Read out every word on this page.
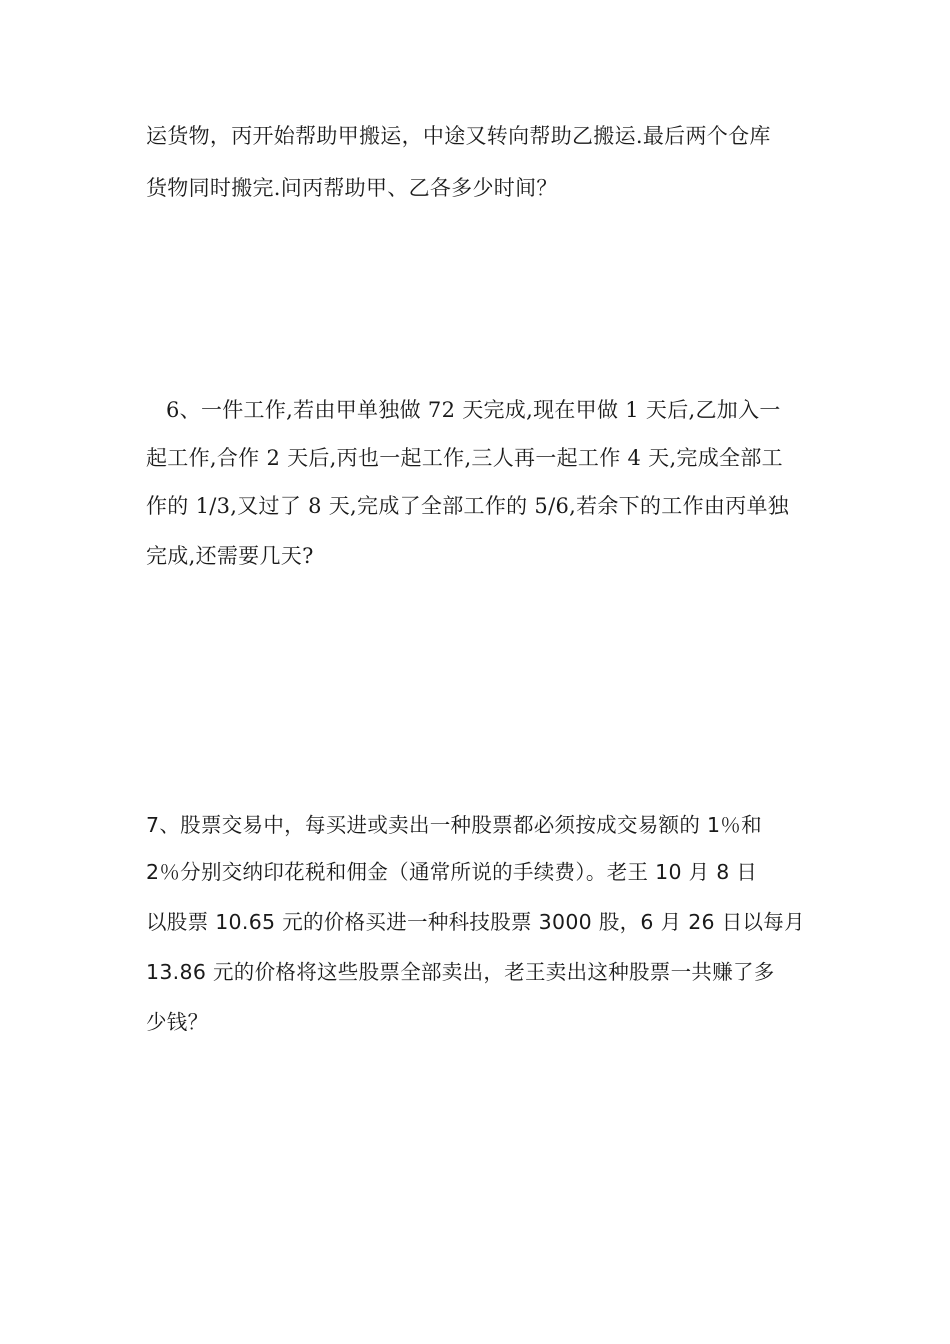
运货物，丙开始帮助甲搬运，中途又转向帮助乙搬运.最后两个仓库
货物同时搬完.问丙帮助甲、乙各多少时间？
6、一件工作,若由甲单独做 72 天完成,现在甲做 1 天后,乙加入一
起工作,合作 2 天后,丙也一起工作,三人再一起工作 4 天,完成全部工
作的 1/3,又过了 8 天,完成了全部工作的 5/6,若余下的工作由丙单独
完成,还需要几天?
7、股票交易中，每买进或卖出一种股票都必须按成交易额的 1％和
2％分别交纳印花税和佣金（通常所说的手续费）。老王 10 月 8 日
以股票 10.65 元的价格买进一种科技股票 3000 股，6 月 26 日以每月
13.86 元的价格将这些股票全部卖出，老王卖出这种股票一共赚了多
少钱？
